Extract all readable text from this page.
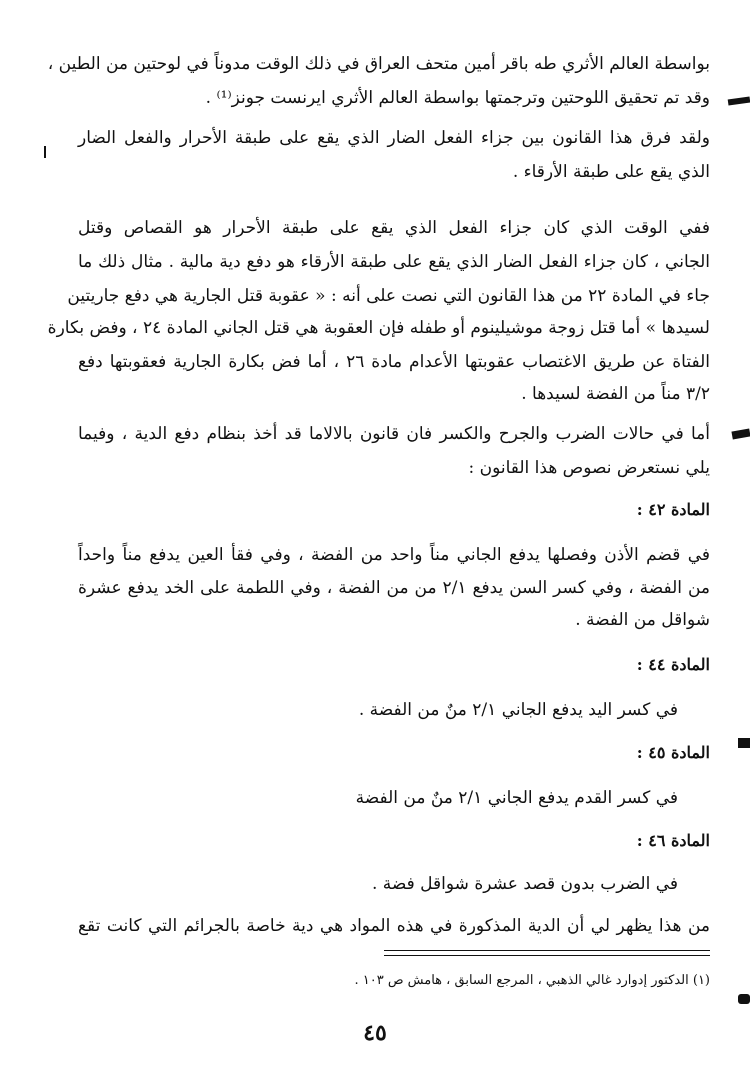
بواسطة العالم الأثري طه باقر أمين متحف العراق في ذلك الوقت مدوناً في لوحتين من الطين ،
وقد تم تحقيق اللوحتين وترجمتها بواسطة العالم الأثري ايرنست جونز⁽¹⁾ .
ولقد فرق هذا القانون بين جزاء الفعل الضار الذي يقع على طبقة الأحرار والفعل الضار
الذي يقع على طبقة الأرقاء .
ففي الوقت الذي كان جزاء الفعل الذي يقع على طبقة الأحرار هو القصاص وقتل
الجاني ، كان جزاء الفعل الضار الذي يقع على طبقة الأرقاء هو دفع دية مالية . مثال ذلك ما
جاء في المادة ٢٢ من هذا القانون التي نصت على أنه : « عقوبة قتل الجارية هي دفع جاريتين
لسيدها » أما قتل زوجة موشيلينوم أو طفله فإن العقوبة هي قتل الجاني المادة ٢٤ ، وفض بكارة
الفتاة عن طريق الاغتصاب عقوبتها الأعدام مادة ٢٦ ، أما فض بكارة الجارية فعقوبتها دفع
٣/٢ مناً من الفضة لسيدها .
أما في حالات الضرب والجرح والكسر فان قانون بالالاما قد أخذ بنظام دفع الدية ، وفيما
يلي نستعرض نصوص هذا القانون :
المادة ٤٢ :
في قضم الأذن وفصلها يدفع الجاني مناً واحد من الفضة ، وفي فقأ العين يدفع مناً واحداً
من الفضة ، وفي كسر السن يدفع ٢/١ من من الفضة ، وفي اللطمة على الخد يدفع عشرة
شواقل من الفضة .
المادة ٤٤ :
في كسر اليد يدفع الجاني ٢/١ منٌ من الفضة .
المادة ٤٥ :
في كسر القدم يدفع الجاني ٢/١ منٌ من الفضة
المادة ٤٦ :
في الضرب بدون قصد عشرة شواقل فضة .
من هذا يظهر لي أن الدية المذكورة في هذه المواد هي دية خاصة بالجرائم التي كانت تقع
(١) الدكتور إدوارد غالي الذهبي ، المرجع السابق ، هامش ص ١٠٣ .
٤٥
